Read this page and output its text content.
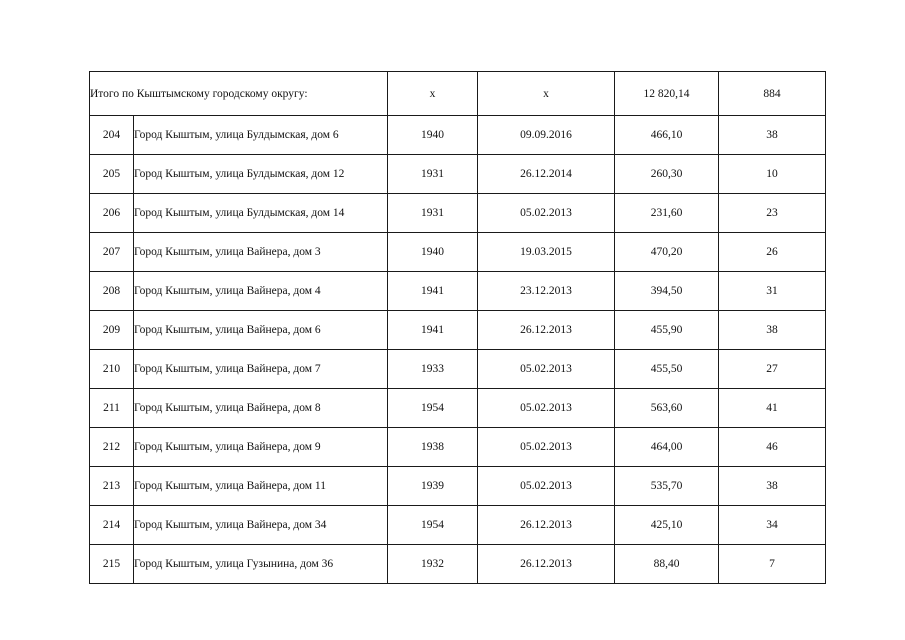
Итого по Кыштымскому городскому округу:		х	х	12 820,14	884
204	Город Кыштым, улица Булдымская, дом 6	1940	09.09.2016	466,10	38
205	Город Кыштым, улица Булдымская, дом 12	1931	26.12.2014	260,30	10
206	Город Кыштым, улица Булдымская, дом 14	1931	05.02.2013	231,60	23
207	Город Кыштым, улица Вайнера, дом 3	1940	19.03.2015	470,20	26
208	Город Кыштым, улица Вайнера, дом 4	1941	23.12.2013	394,50	31
209	Город Кыштым, улица Вайнера, дом 6	1941	26.12.2013	455,90	38
210	Город Кыштым, улица Вайнера, дом 7	1933	05.02.2013	455,50	27
211	Город Кыштым, улица Вайнера, дом 8	1954	05.02.2013	563,60	41
212	Город Кыштым, улица Вайнера, дом 9	1938	05.02.2013	464,00	46
213	Город Кыштым, улица Вайнера, дом 11	1939	05.02.2013	535,70	38
214	Город Кыштым, улица Вайнера, дом 34	1954	26.12.2013	425,10	34
215	Город Кыштым, улица Гузынина, дом 36	1932	26.12.2013	88,40	7
